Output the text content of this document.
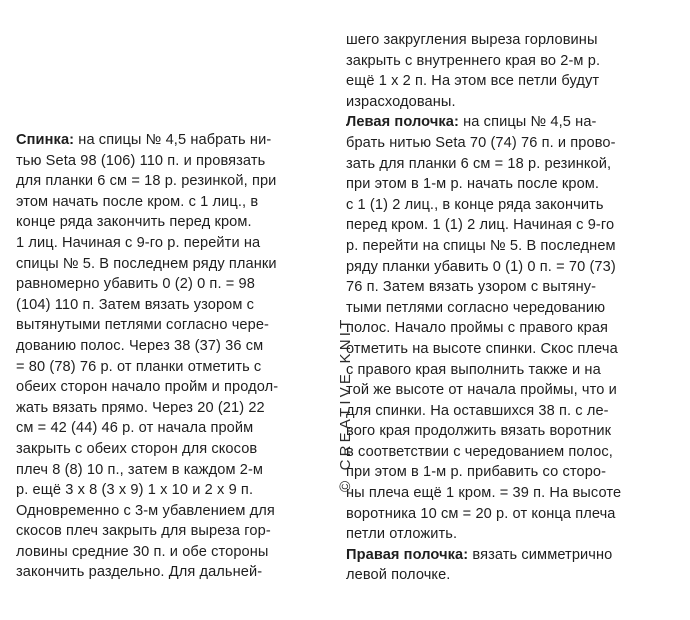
Спинка: на спицы № 4,5 набрать ни-
тью Seta 98 (106) 110 п. и провязать
для планки 6 см = 18 р. резинкой, при
этом начать после кром. с 1 лиц., в
конце ряда закончить перед кром.
1 лиц. Начиная с 9-го р. перейти на
спицы № 5. В последнем ряду планки
равномерно убавить 0 (2) 0 п. = 98
(104) 110 п. Затем вязать узором с
вытянутыми петлями согласно чере-
дованию полос. Через 38 (37) 36 см
= 80 (78) 76 р. от планки отметить с
обеих сторон начало пройм и продол-
жать вязать прямо. Через 20 (21) 22
см = 42 (44) 46 р. от начала пройм
закрыть с обеих сторон для скосов
плеч 8 (8) 10 п., затем в каждом 2-м
р. ещё 3 х 8 (3 х 9) 1 х 10 и 2 х 9 п.
Одновременно с 3-м убавлением для
скосов плеч закрыть для выреза гор-
ловины средние 30 п. и обе стороны
закончить раздельно. Для дальней-
шего закругления выреза горловины
закрыть с внутреннего края во 2-м р.
ещё 1 х 2 п. На этом все петли будут
израсходованы.
Левая полочка: на спицы № 4,5 на-
брать нитью Seta 70 (74) 76 п. и прово-
зать для планки 6 см = 18 р. резинкой,
при этом в 1-м р. начать после кром.
с 1 (1) 2 лиц., в конце ряда закончить
перед кром. 1 (1) 2 лиц. Начиная с 9-го
р. перейти на спицы № 5. В последнем
ряду планки убавить 0 (1) 0 п. = 70 (73)
76 п. Затем вязать узором с вытяну-
тыми петлями согласно чередованию
полос. Начало проймы с правого края
отметить на высоте спинки. Скос плеча
с правого края выполнить также и на
той же высоте от начала проймы, что и
для спинки. На оставшихся 38 п. с ле-
вого края продолжить вязать воротник
в соответствии с чередованием полос,
при этом в 1-м р. прибавить со сторо-
ны плеча ещё 1 кром. = 39 п. На высоте
воротника 10 см = 20 р. от конца плеча
петли отложить.
Правая полочка: вязать симметрично
левой полочке.
© CREATIVE KNIT
